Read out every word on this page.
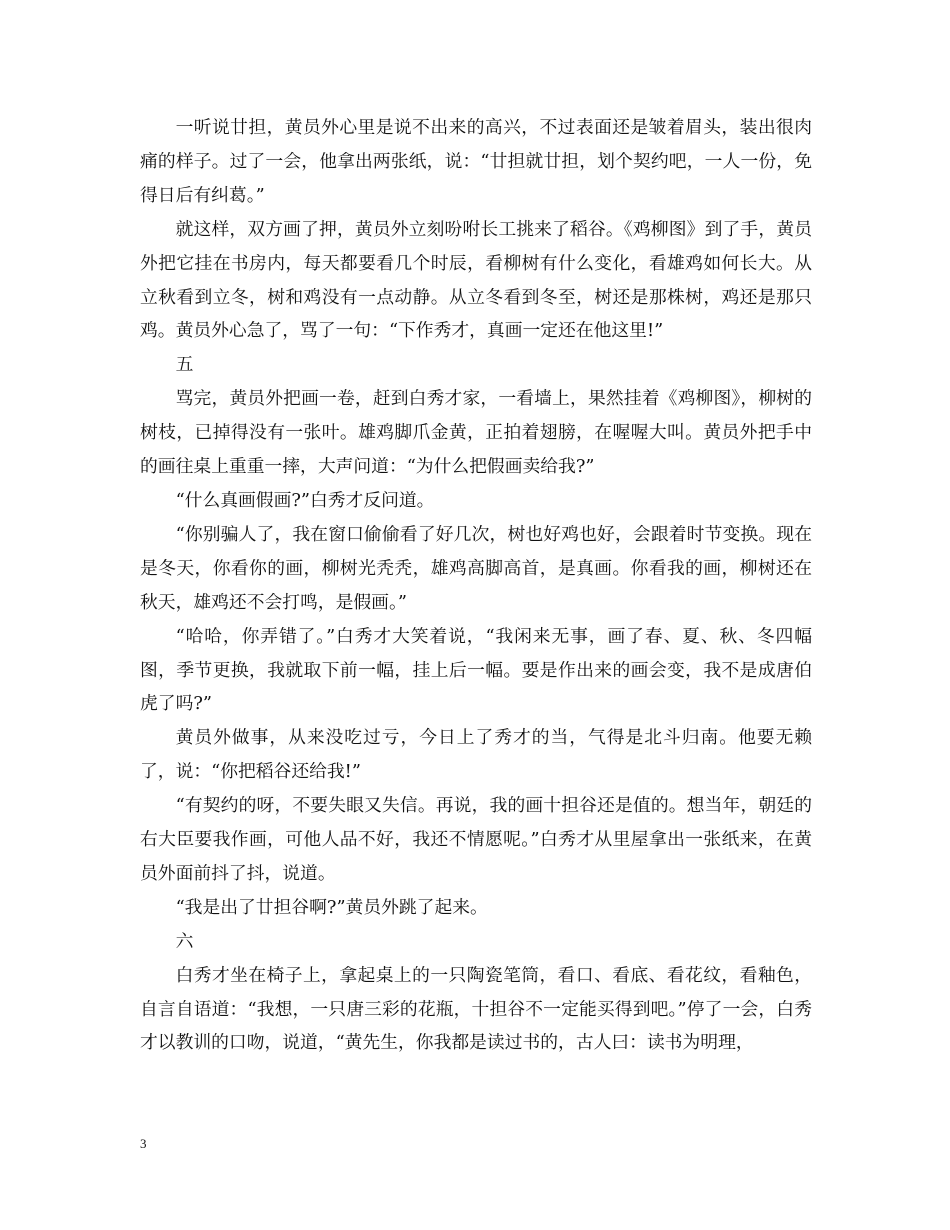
一听说廿担，黄员外心里是说不出来的高兴，不过表面还是皱着眉头，装出很肉痛的样子。过了一会，他拿出两张纸，说：“廿担就廿担，划个契约吧，一人一份，免得日后有纠葛。”

就这样，双方画了押，黄员外立刻吩咐长工挑来了稻谷。《鸡柳图》到了手，黄员外把它挂在书房内，每天都要看几个时辰，看柳树有什么变化，看雄鸡如何长大。从立秋看到立冬，树和鸡没有一点动静。从立冬看到冬至，树还是那株树，鸡还是那只鸡。黄员外心急了，骂了一句：“下作秀才，真画一定还在他这里!”

五

骂完，黄员外把画一卷，赶到白秀才家，一看墙上，果然挂着《鸡柳图》，柳树的树枝，已掉得没有一张叶。雄鸡脚爪金黄，正拍着翅膀，在喔喔大叫。黄员外把手中的画往桌上重重一摔，大声问道：“为什么把假画卖给我?”

“什么真画假画?”白秀才反问道。

“你别骗人了，我在窗口偷偷看了好几次，树也好鸡也好，会跟着时节变换。现在是冬天，你看你的画，柳树光秃秃，雄鸡高脚高首，是真画。你看我的画，柳树还在秋天，雄鸡还不会打鸣，是假画。”

“哈哈，你弄错了。”白秀才大笑着说，“我闲来无事，画了春、夏、秋、冬四幅图，季节更换，我就取下前一幅，挂上后一幅。要是作出来的画会变，我不是成唐伯虎了吗?”

黄员外做事，从来没吃过亏，今日上了秀才的当，气得是北斗归南。他要无赖了，说：“你把稻谷还给我!”

“有契约的呀，不要失眼又失信。再说，我的画十担谷还是值的。想当年，朝廷的右大臣要我作画，可他人品不好，我还不情愿呢。”白秀才从里屋拿出一张纸来，在黄员外面前抖了抖，说道。

“我是出了廿担谷啊?”黄员外跳了起来。

六

白秀才坐在椅子上，拿起桌上的一只陶瓷笔筒，看口、看底、看花纹，看釉色，自言自语道：“我想，一只唐三彩的花瓶，十担谷不一定能买得到吧。”停了一会，白秀才以教训的口吻，说道，“黄先生，你我都是读过书的，古人曰：读书为明理，

3
